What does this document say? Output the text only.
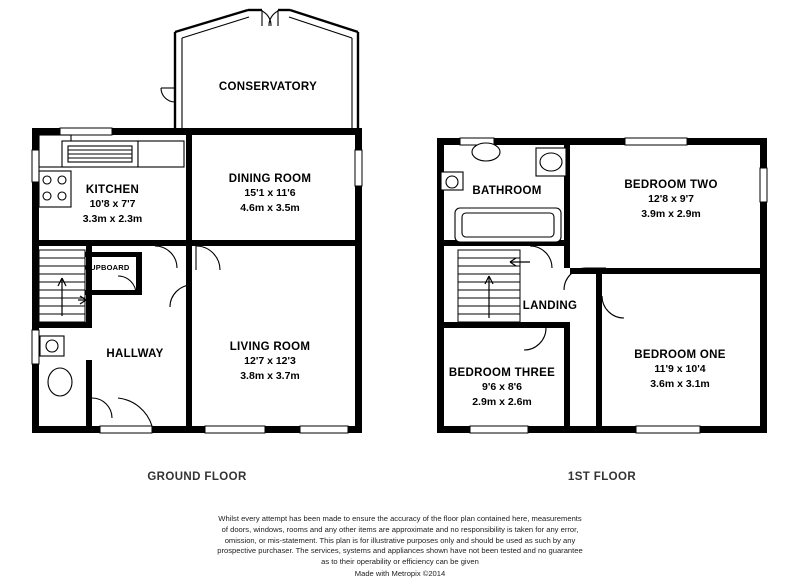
CONSERVATORY
KITCHEN
10'8 x 7'7
3.3m x 2.3m
DINING ROOM
15'1 x 11'6
4.6m x 3.5m
LIVING ROOM
12'7 x 12'3
3.8m x 3.7m
HALLWAY
CUPBOARD
BATHROOM	BEDROOM TWO
12'8 x 9'7
3.9m x 2.9m
LANDING
BEDROOM ONE
11'9 x 10'4
3.6m x 3.1m
BEDROOM THREE
9'6 x 8'6
2.9m x 2.6m
GROUND FLOOR	1ST FLOOR
Whilst every attempt has been made to ensure the accuracy of the floor plan contained here, measurements
of doors, windows, rooms and any other items are approximate and no responsibility is taken for any error,
omission, or mis-statement. This plan is for illustrative purposes only and should be used as such by any
prospective purchaser. The services, systems and appliances shown have not been tested and no guarantee
as to their operability or efficiency can be given
Made with Metropix ©2014
